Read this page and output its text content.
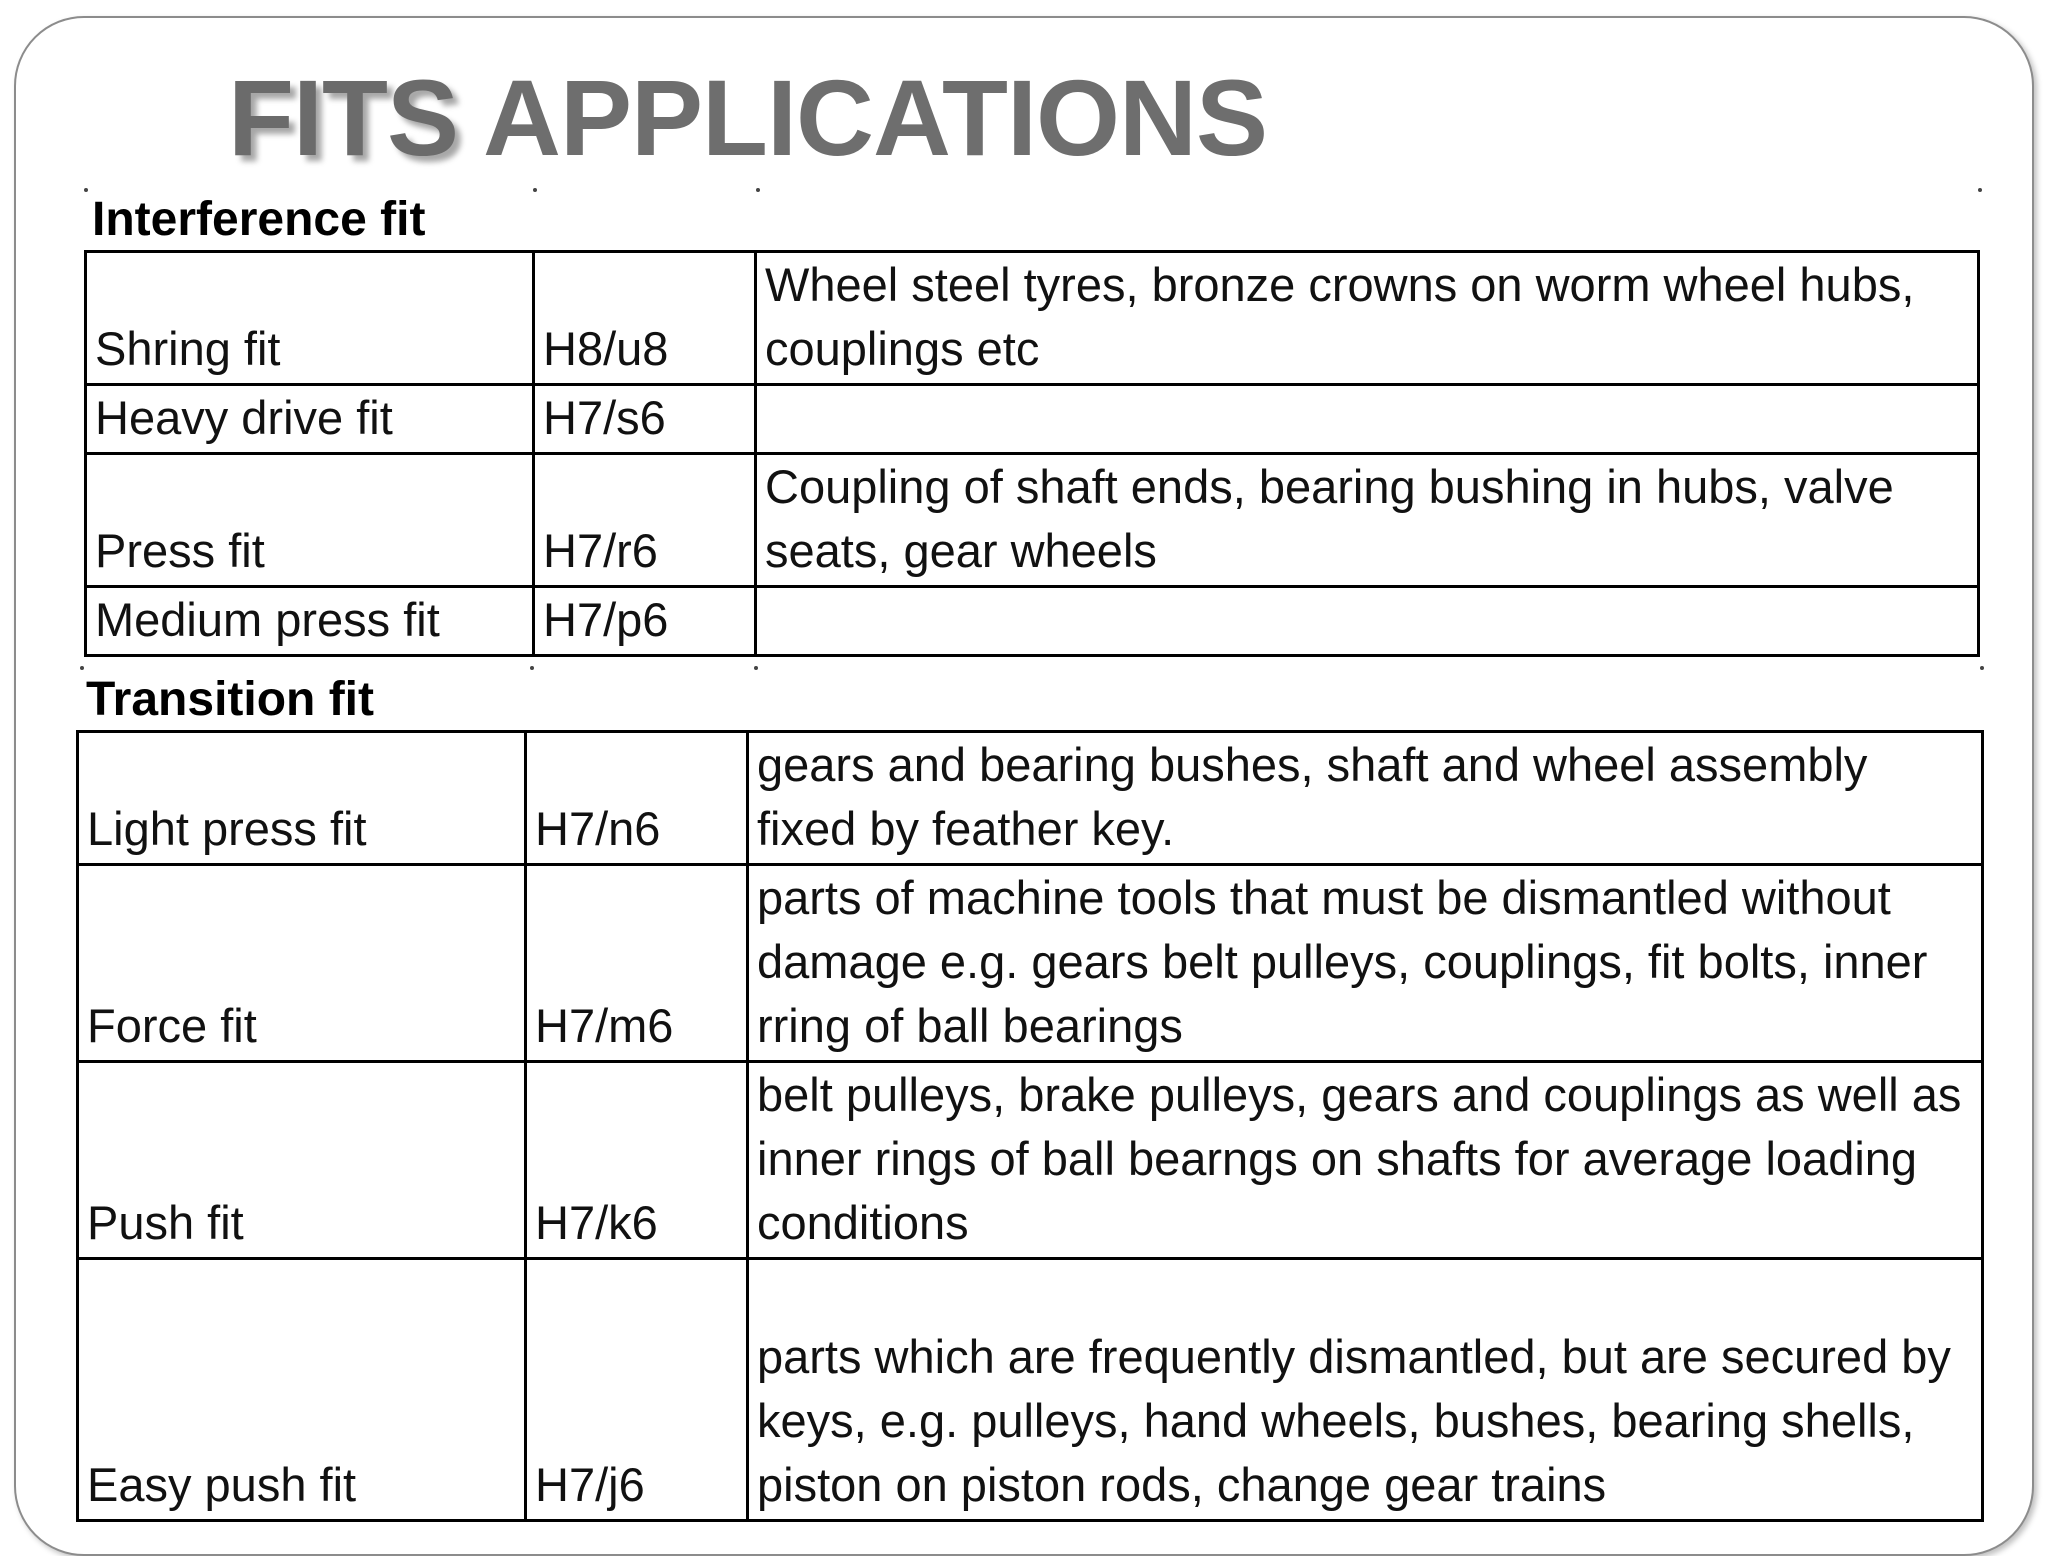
FITS APPLICATIONS
Interference fit
Shring fit	H8/u8	Wheel steel tyres, bronze crowns on worm wheel hubs, couplings etc
Heavy drive fit	H7/s6	
Press fit	H7/r6	Coupling of shaft ends, bearing bushing in hubs, valve seats, gear wheels
Medium press fit	H7/p6	
Transition fit
Light press fit	H7/n6	gears and bearing bushes, shaft and wheel assembly fixed by feather key.
Force fit	H7/m6	parts of machine tools that must be dismantled without damage e.g. gears belt pulleys, couplings, fit bolts, inner rring of ball bearings
Push fit	H7/k6	belt pulleys, brake pulleys, gears and couplings as well as inner rings of ball bearngs on shafts for average loading conditions
Easy push fit	H7/j6	parts which are frequently dismantled, but are secured by keys, e.g. pulleys, hand wheels, bushes, bearing shells, piston on piston rods, change gear trains
